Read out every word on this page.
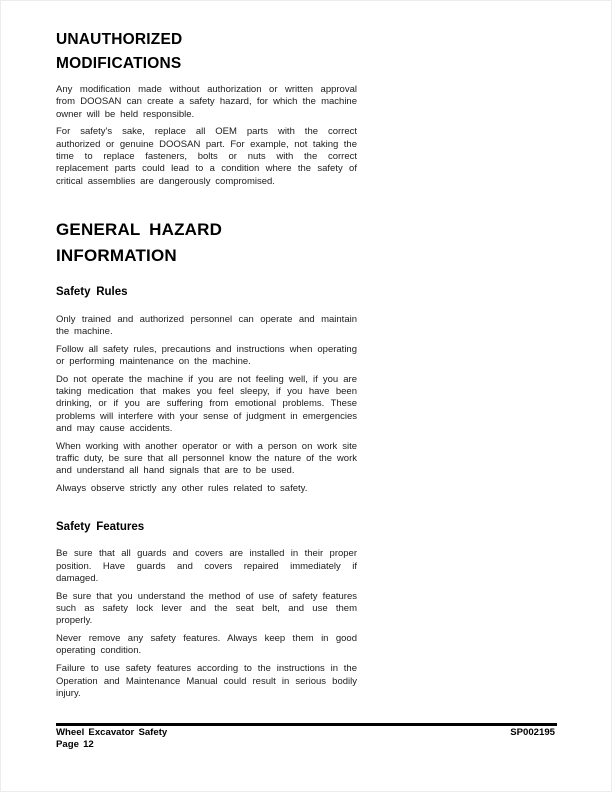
UNAUTHORIZED MODIFICATIONS

Any modification made without authorization or written approval from DOOSAN can create a safety hazard, for which the machine owner will be held responsible.

For safety's sake, replace all OEM parts with the correct authorized or genuine DOOSAN part. For example, not taking the time to replace fasteners, bolts or nuts with the correct replacement parts could lead to a condition where the safety of critical assemblies are dangerously compromised.

GENERAL HAZARD INFORMATION
Safety Rules

Only trained and authorized personnel can operate and maintain the machine.

Follow all safety rules, precautions and instructions when operating or performing maintenance on the machine.

Do not operate the machine if you are not feeling well, if you are taking medication that makes you feel sleepy, if you have been drinking, or if you are suffering from emotional problems. These problems will interfere with your sense of judgment in emergencies and may cause accidents.

When working with another operator or with a person on work site traffic duty, be sure that all personnel know the nature of the work and understand all hand signals that are to be used.

Always observe strictly any other rules related to safety.

Safety Features

Be sure that all guards and covers are installed in their proper position. Have guards and covers repaired immediately if damaged.

Be sure that you understand the method of use of safety features such as safety lock lever and the seat belt, and use them properly.

Never remove any safety features. Always keep them in good operating condition.

Failure to use safety features according to the instructions in the Operation and Maintenance Manual could result in serious bodily injury.

Wheel Excavator Safety
Page 12
SP002195
